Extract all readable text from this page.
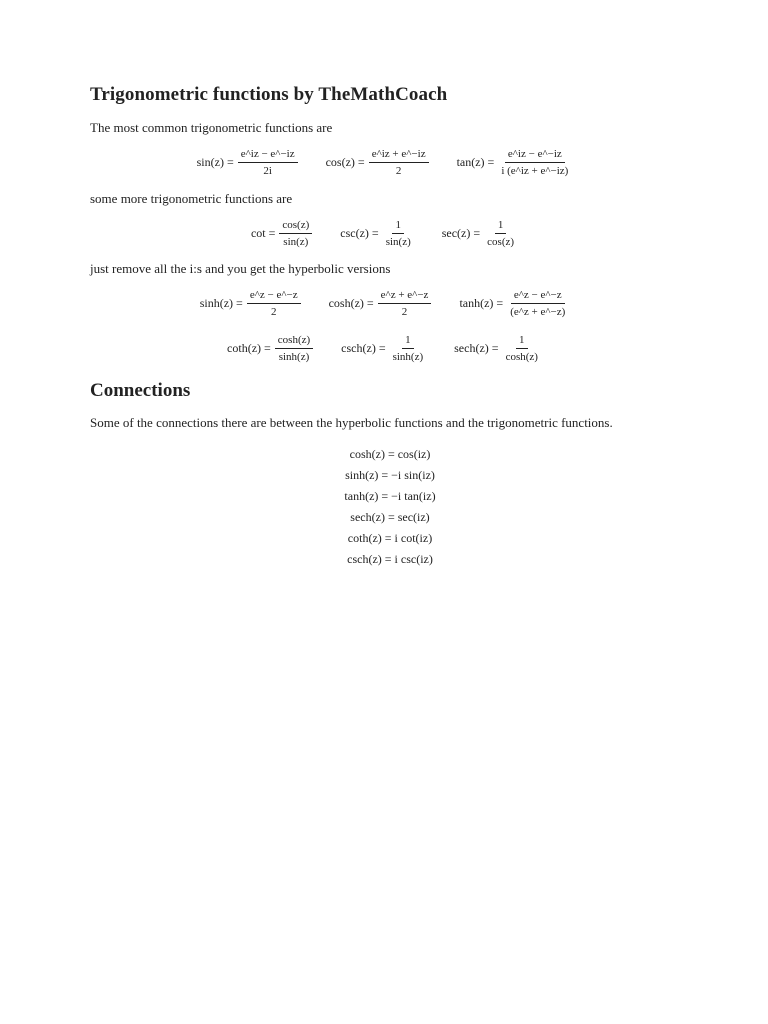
Trigonometric functions by TheMathCoach

The most common trigonometric functions are

$\sin(z) = \frac{e\^{}iz - e\^{}-iz}{2i} \cos(z) = \frac{e\^{}iz + e\^{}-iz}{2} \tan(z) = \frac{e\^{}iz - e\^{}-iz}{i (e\^{}iz + e\^{}-iz)}$

some more trigonometric functions are

$\cot = \frac{\cos(z)}{\sin(z)} \csc(z) = \frac{1}{\sin(z)} \sec(z) = \frac{1}{\cos(z)}$

just remove all the i:s and you get the hyperbolic versions

$\sinh(z) = \frac{e\^{}z - e\^{}-z}{2} \cosh(z) = \frac{e\^{}z + e\^{}-z}{2} \tanh(z) = \frac{e\^{}z - e\^{}-z}{(e\^{}z + e\^{}-z)}$
$\cot h(z) = \frac{\cosh(z)}{\sinh(z)} \csc h(z) = \frac{1}{\sinh(z)} \sec h(z) = \frac{1}{\cosh(z)}$
Connections

Some of the connections there are between the hyperbolic functions and the trigonometric functions.

cosh(z) = cos(iz)
sinh(z) = −i sin(iz)
tanh(z) = −i tan(iz)
sech(z) = sec(iz)
coth(z) = i cot(iz)
csch(z) = i csc(iz)
